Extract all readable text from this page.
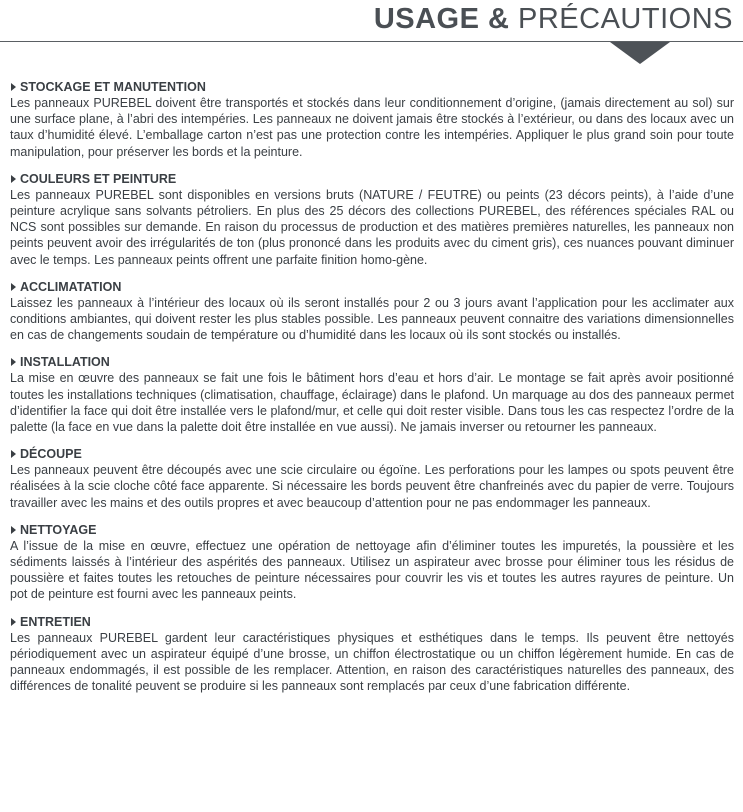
USAGE & PRÉCAUTIONS
STOCKAGE ET MANUTENTION
Les panneaux PUREBEL doivent être transportés et stockés dans leur conditionnement d’origine, (jamais directement au sol) sur une surface plane, à l’abri des intempéries. Les panneaux ne doivent jamais être stockés à l’extérieur, ou dans des locaux avec un taux d’humidité élevé. L’emballage carton n’est pas une protection contre les intempéries. Appliquer le plus grand soin pour toute manipulation, pour préserver les bords et la peinture.
COULEURS ET PEINTURE
Les panneaux PUREBEL sont disponibles en versions bruts (NATURE / FEUTRE) ou peints (23 décors peints), à l’aide d’une peinture acrylique sans solvants pétroliers. En plus des 25 décors des collections PUREBEL, des références spéciales RAL ou NCS sont possibles sur demande. En raison du processus de production et des matières premières naturelles, les panneaux non peints peuvent avoir des irrégularités de ton (plus prononcé dans les produits avec du ciment gris), ces nuances pouvant diminuer avec le temps. Les panneaux peints offrent une parfaite finition homo-gène.
ACCLIMATATION
Laissez les panneaux à l’intérieur des locaux où ils seront installés pour 2 ou 3 jours avant l’application pour les acclimater aux conditions ambiantes, qui doivent rester les plus stables possible. Les panneaux peuvent connaitre des variations dimensionnelles en cas de changements soudain de température ou d’humidité dans les locaux où ils sont stockés ou installés.
INSTALLATION
La mise en œuvre des panneaux se fait une fois le bâtiment hors d’eau et hors d’air. Le montage se fait après avoir positionné toutes les installations techniques (climatisation, chauffage, éclairage) dans le plafond. Un marquage au dos des panneaux permet d’identifier la face qui doit être installée vers le plafond/mur, et celle qui doit rester visible. Dans tous les cas respectez l’ordre de la palette (la face en vue dans la palette doit être installée en vue aussi). Ne jamais inverser ou retourner les panneaux.
DÉCOUPE
Les panneaux peuvent être découpés avec une scie circulaire ou égoïne. Les perforations pour les lampes ou spots peuvent être réalisées à la scie cloche côté face apparente. Si nécessaire les bords peuvent être chanfreinés avec du papier de verre. Toujours travailler avec les mains et des outils propres et avec beaucoup d’attention pour ne pas endommager les panneaux.
NETTOYAGE
A l’issue de la mise en œuvre, effectuez une opération de nettoyage afin d’éliminer toutes les impuretés, la poussière et les sédiments laissés à l’intérieur des aspérités des panneaux. Utilisez un aspirateur avec brosse pour éliminer tous les résidus de poussière et faites toutes les retouches de peinture nécessaires pour couvrir les vis et toutes les autres rayures de peinture. Un pot de peinture est fourni avec les panneaux peints.
ENTRETIEN
Les panneaux PUREBEL gardent leur caractéristiques physiques et esthétiques dans le temps. Ils peuvent être nettoyés périodiquement avec un aspirateur équipé d’une brosse, un chiffon électrostatique ou un chiffon légèrement humide. En cas de panneaux endommagés, il est possible de les remplacer. Attention, en raison des caractéristiques naturelles des panneaux, des différences de tonalité peuvent se produire si les panneaux sont remplacés par ceux d’une fabrication différente.
